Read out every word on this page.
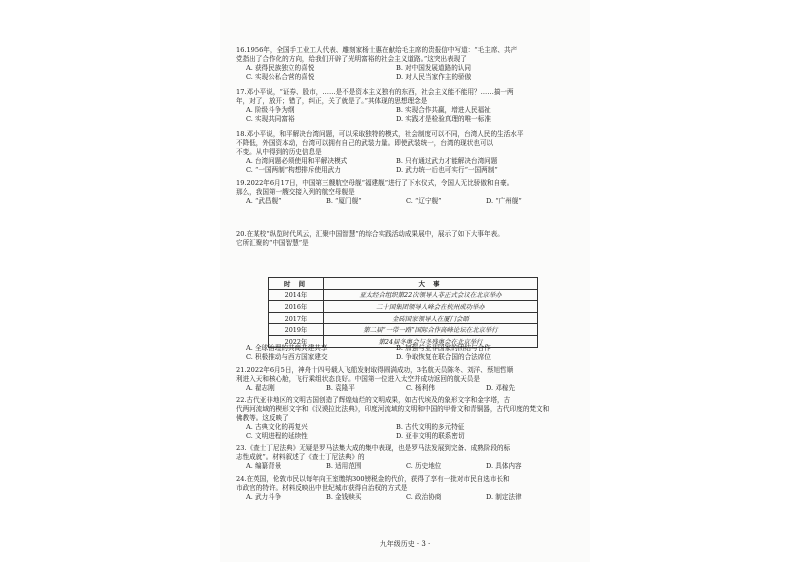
16.1956年，全国手工业工人代表、雕刻家杨士惠在献给毛主席的贵报信中写道：“毛主席、共产
党指出了合作化的方向，给我们开辟了光明富裕的社会主义道路。”这突出表现了
A. 获得民族独立的喜悦	B. 对中国发展道路的认同
C. 实现公私合营的喜悦	D. 对人民当家作主的骄傲
17.邓小平说，“证券、股市，……是不是资本主义独有的东西，社会主义能不能用？……搞一两
年，对了，放开；错了，纠正，关了就是了。”其体现的思想理念是
A. 阶级斗争为纲	B. 实现合作共赢，增进人民福祉
C. 实现共同富裕	D. 实践才是检验真理的唯一标准
18.邓小平说，和平解决台湾问题，可以采取独特的模式，社会制度可以不同，台湾人民的生活水平
不降低，外国资本动，台湾可以拥有自己的武装力量。即使武装统一，台湾的现状也可以
不变。从中得到的历史信息是
A. 台湾问题必须使用和平解决模式	B. 只有通过武力才能解决台湾问题
C. “一国两制”构想排斥使用武力	D. 武力统一后也可实行“一国两制”
19.2022年6月17日，中国第三艘航空母舰“福建舰”进行了下水仪式，令国人无比骄傲和自豪。
那么，我国第一艘交接入列的航空母舰是
A. “武昌舰”	B. “厦门舰”	C. “辽宁舰”	D. “广州舰”
20.在某校“纵览时代风云，汇聚中国智慧”的综合实践活动成果展中，展示了如下大事年表。
它所汇聚的“中国智慧”是
时 间	大 事
2014年	亚太经合组织第22次领导人非正式会议在北京举办
2016年	二十国集团领导人峰会在杭州成功举办
2017年	金砖国家领导人在厦门会晤
2019年	第二届“一带一路”国际合作高峰论坛在北京举行
2022年	第24届冬奥会与冬残奥会在北京举行
A. 全球治理的共商共建共享	B. 加强与亚非国家的团结与合作
C. 积极推动与西方国家建交	D. 争取恢复在联合国的合法席位
21.2022年6月5日，神舟十四号载人飞船发射取得圆满成功，3名航天员陈冬、刘洋、蔡旭哲顺
利进入天和核心舱，飞行乘组状态良好。中国第一位进入太空并成功返回的航天员是
A. 翟志刚	B. 袁隆平	C. 杨利伟	D. 邓稼先
22.古代亚非地区的文明古国创造了辉煌灿烂的文明成果，如古代埃及的象形文字和金字塔，古
代两河流域的楔形文字和《汉谟拉比法典》，印度河流域的文明和中国的甲骨文和青铜器，古代印度的梵文和
佛教等。这反映了
A. 古典文化的再复兴	B. 古代文明的多元特征
C. 文明进程的延续性	D. 亚非文明的联系密切
23.《查士丁尼法典》无疑是罗马法集大成的集中表现，也是罗马法发展到完备、成熟阶段的标
志性成就”。材料叙述了《查士丁尼法典》的
A. 编纂背景	B. 适用范围	C. 历史地位	D. 具体内容
24.在英国，伦敦市民以每年向王室缴纳300镑税金的代价，获得了享有一批对市民自选市长和
市政官的特许。材料反映出中世纪城市获得自治权的方式是
A. 武力斗争	B. 金钱赎买	C. 政治协商	D. 制定法律
九年级历史 · 3 ·
